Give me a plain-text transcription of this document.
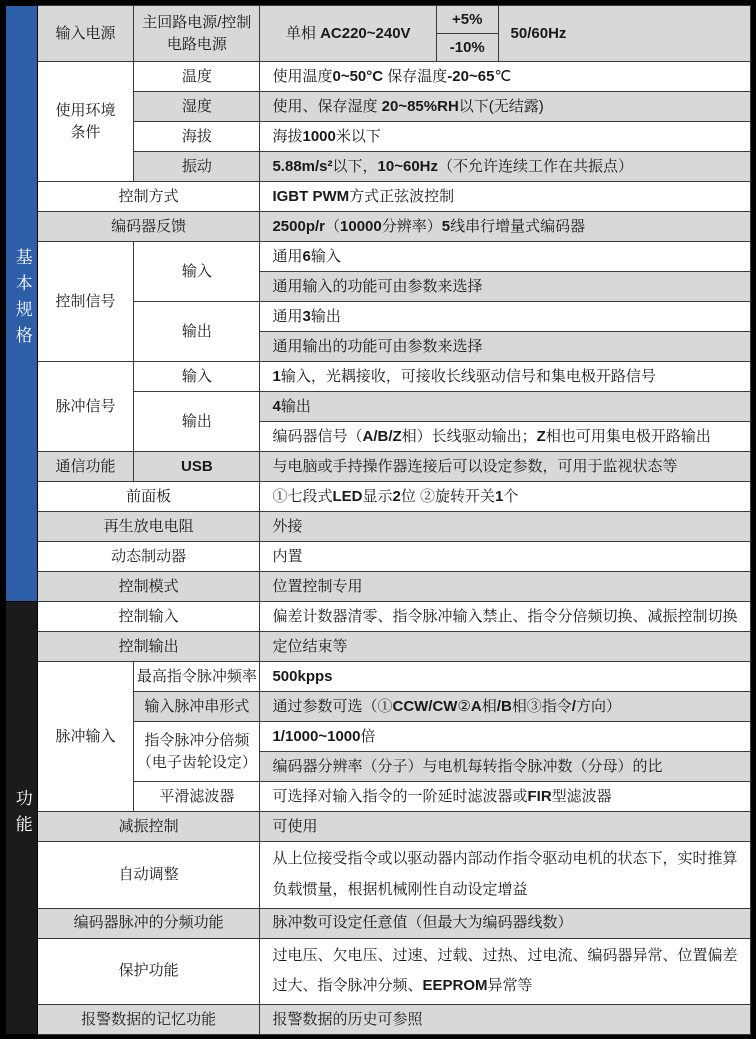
基本规格	输入电源	主回路电源/控制电路电源	单相 AC220~240V	+5%	50/60Hz
				-10%	
	使用环境
条件	温度	使用温度0~50°C 保存温度-20~65℃		
		湿度	使用、保存湿度 20~85%RH以下(无结露)		
		海拔	海拔1000米以下		
		振动	5.88m/s²以下，10~60Hz（不允许连续工作在共振点）		
	控制方式		IGBT PWM方式正弦波控制		
	编码器反馈		2500p/r（10000分辨率）5线串行增量式编码器		
	控制信号	输入	通用6输入		
			通用输入的功能可由参数来选择		
		输出	通用3输出		
			通用输出的功能可由参数来选择		
	脉冲信号	输入	1输入，光耦接收，可接收长线驱动信号和集电极开路信号		
		输出	4输出		
			编码器信号（A/B/Z相）长线驱动输出；Z相也可用集电极开路输出		
	通信功能	USB	与电脑或手持操作器连接后可以设定参数，可用于监视状态等		
	前面板		①七段式LED显示2位 ②旋转开关1个		
	再生放电电阻		外接		
	动态制动器		内置		
	控制模式		位置控制专用		
功能	控制输入		偏差计数器清零、指令脉冲输入禁止、指令分倍频切换、减振控制切换		
	控制输出		定位结束等		
	脉冲输入	最高指令脉冲频率	500kpps		
		输入脉冲串形式	通过参数可选（①CCW/CW②A相/B相③指令/方向）		
		指令脉冲分倍频
（电子齿轮设定）	1/1000~1000倍		
			编码器分辨率（分子）与电机每转指令脉冲数（分母）的比		
		平滑滤波器	可选择对输入指令的一阶延时滤波器或FIR型滤波器		
	减振控制		可使用		
	自动调整		从上位接受指令或以驱动器内部动作指令驱动电机的状态下，实时推算负载惯量，根据机械刚性自动设定增益		
	编码器脉冲的分频功能		脉冲数可设定任意值（但最大为编码器线数）		
	保护功能		过电压、欠电压、过速、过载、过热、过电流、编码器异常、位置偏差过大、指令脉冲分频、EEPROM异常等		
	报警数据的记忆功能		报警数据的历史可参照		
